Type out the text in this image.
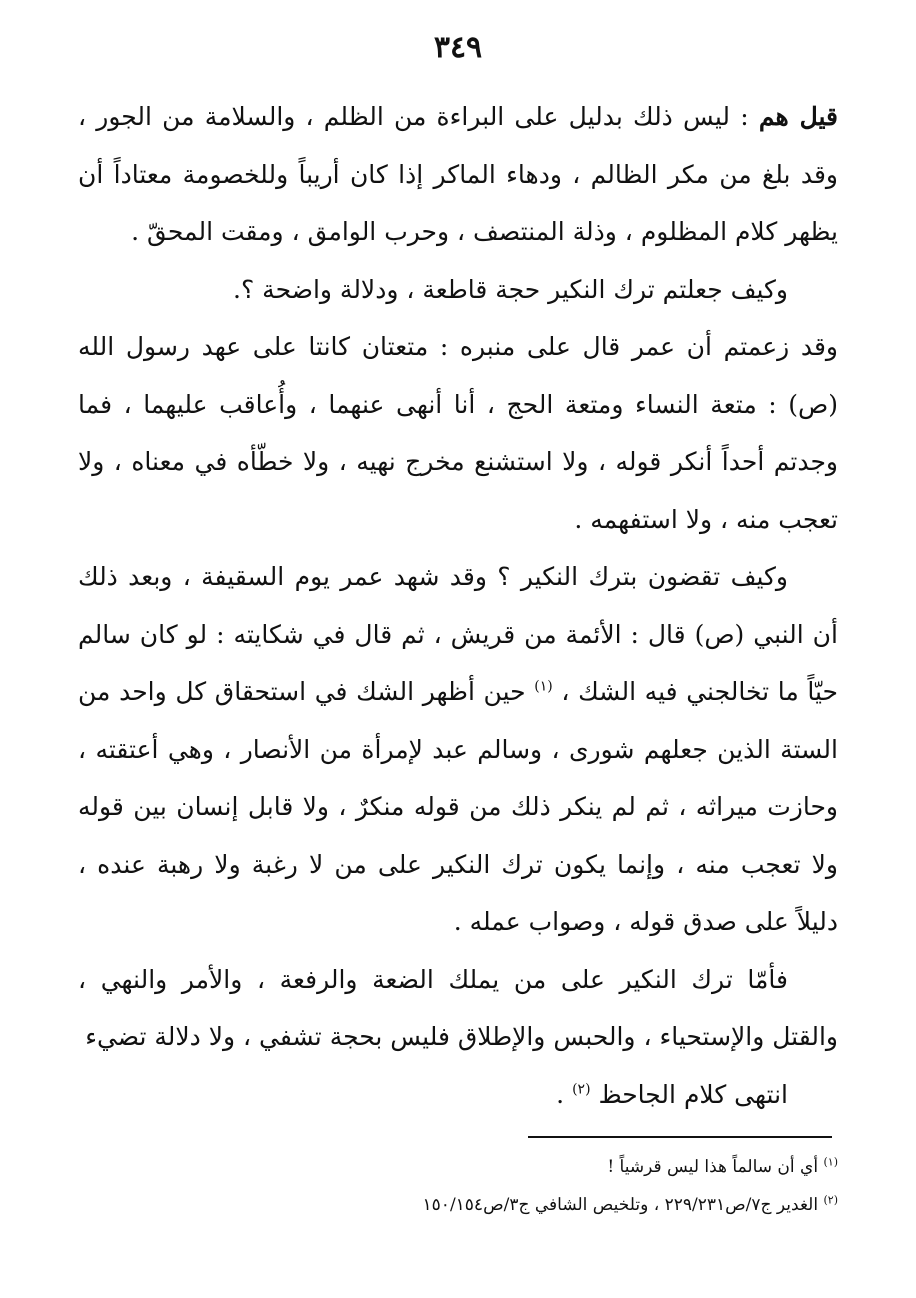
٣٤٩

قيل هم : ليس ذلك بدليل على البراءة من الظلم ، والسلامة من الجور ، وقد بلغ من مكر الظالم ، ودهاء الماكر إذا كان أريباً وللخصومة معتاداً أن يظهر كلام المظلوم ، وذلة المنتصف ، وحرب الوامق ، ومقت المحقّ .

وكيف جعلتم ترك النكير حجة قاطعة ، ودلالة واضحة ؟.

وقد زعمتم أن عمر قال على منبره : متعتان كانتا على عهد رسول الله (ص) : متعة النساء ومتعة الحج ، أنا أنهى عنهما ، وأُعاقب عليهما ، فما وجدتم أحداً أنكر قوله ، ولا استشنع مخرج نهيه ، ولا خطّأه في معناه ، ولا تعجب منه ، ولا استفهمه .

وكيف تقضون بترك النكير ؟ وقد شهد عمر يوم السقيفة ، وبعد ذلك أن النبي (ص) قال : الأئمة من قريش ، ثم قال في شكايته : لو كان سالم حيّاً ما تخالجني فيه الشك ، $^{(١)}$ حين أظهر الشك في استحقاق كل واحد من الستة الذين جعلهم شورى ، وسالم عبد لإمرأة من الأنصار ، وهي أعتقته ، وحازت ميراثه ، ثم لم ينكر ذلك من قوله منكرٌ ، ولا قابل إنسان بين قوله ولا تعجب منه ، وإنما يكون ترك النكير على من لا رغبة ولا رهبة عنده ، دليلاً على صدق قوله ، وصواب عمله .

فأمّا ترك النكير على من يملك الضعة والرفعة ، والأمر والنهي ، والقتل والإستحياء ، والحبس والإطلاق فليس بحجة تشفي ، ولا دلالة تضيء

انتهى كلام الجاحظ $^{(٢)}$ .

$^{(١)}$ أي أن سالماً هذا ليس قرشياً !

$^{(٢)}$ الغدير ج٧/ص٢٢٩/٢٣١ ، وتلخيص الشافي ج٣/ص١٥٠/١٥٤
